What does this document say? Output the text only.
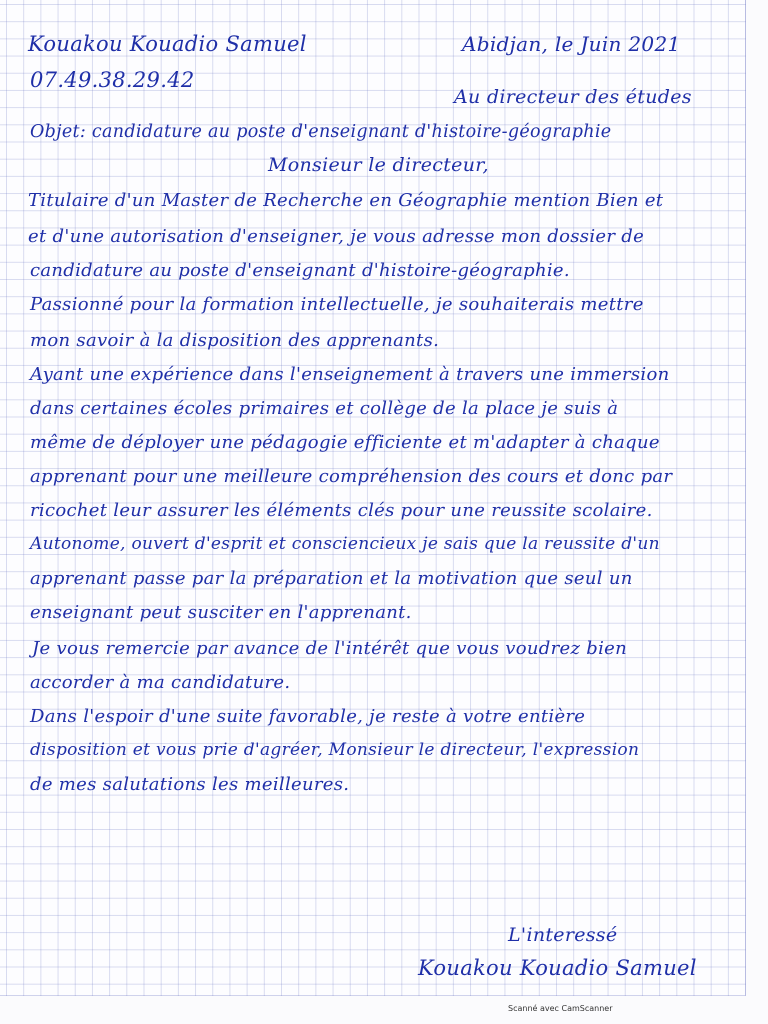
Kouakou Kouadio Samuel	Abidjan, le Juin 2021
07.49.38.29.42
Au directeur des études
Objet: candidature au poste d'enseignant d'histoire-géographie
Monsieur le directeur,
Titulaire d'un Master de Recherche en Géographie mention Bien et
et d'une autorisation d'enseigner, je vous adresse mon dossier de
candidature au poste d'enseignant d'histoire-géographie.
Passionné pour la formation intellectuelle, je souhaiterais mettre
mon savoir à la disposition des apprenants.
Ayant une expérience dans l'enseignement à travers une immersion
dans certaines écoles primaires et collège de la place je suis à
même de déployer une pédagogie efficiente et m'adapter à chaque
apprenant pour une meilleure compréhension des cours et donc par
ricochet leur assurer les éléments clés pour une reussite scolaire.
Autonome, ouvert d'esprit et consciencieux je sais que la reussite d'un
apprenant passe par la préparation et la motivation que seul un
enseignant peut susciter en l'apprenant.
Je vous remercie par avance de l'intérêt que vous voudrez bien
accorder à ma candidature.
Dans l'espoir d'une suite favorable, je reste à votre entière
disposition et vous prie d'agréer, Monsieur le directeur, l'expression
de mes salutations les meilleures.
L'interessé
Kouakou Kouadio Samuel
Scanné avec CamScanner
